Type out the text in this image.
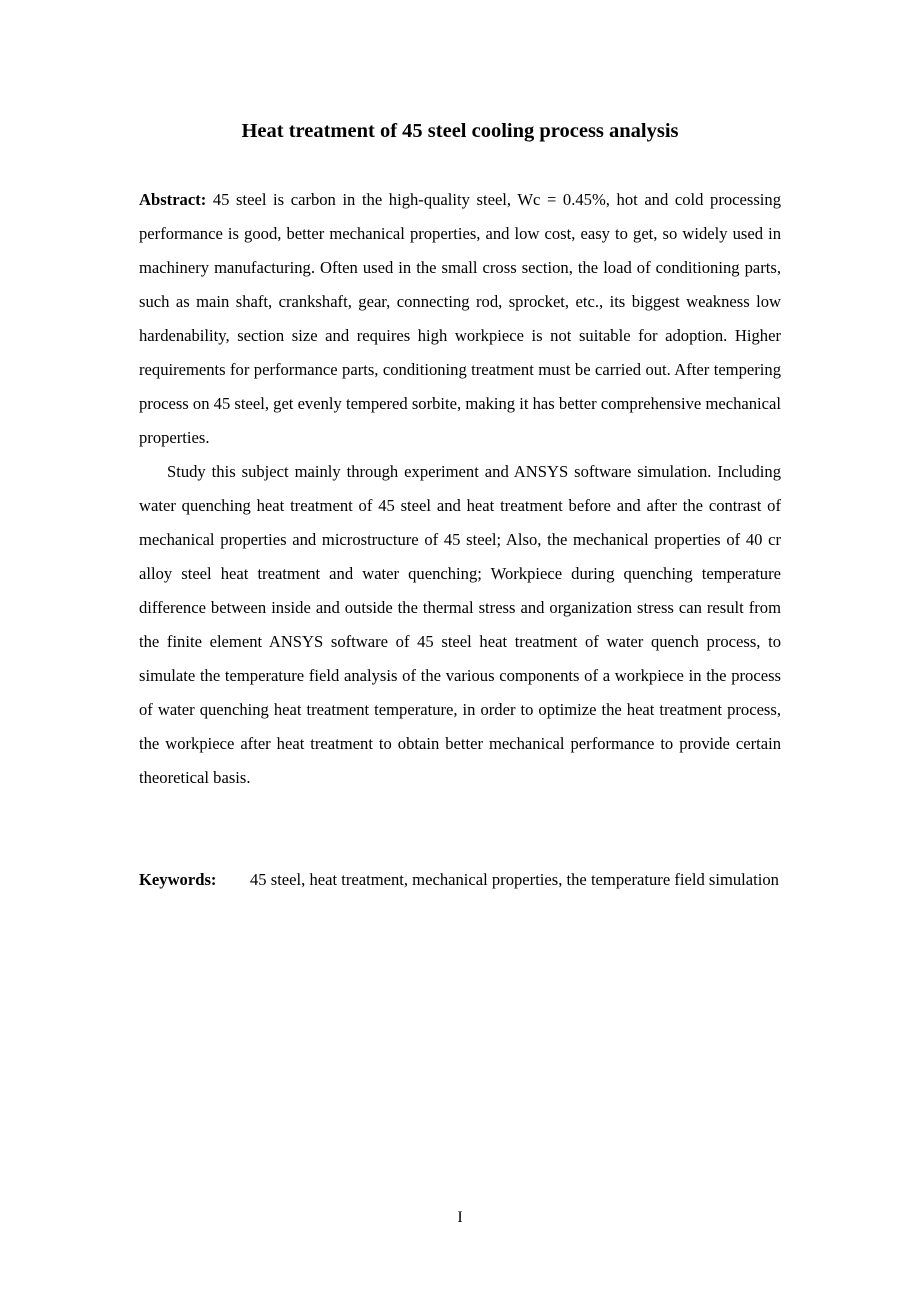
Heat treatment of 45 steel cooling process analysis

Abstract: 45 steel is carbon in the high-quality steel, Wc = 0.45%, hot and cold processing performance is good, better mechanical properties, and low cost, easy to get, so widely used in machinery manufacturing. Often used in the small cross section, the load of conditioning parts, such as main shaft, crankshaft, gear, connecting rod, sprocket, etc., its biggest weakness low hardenability, section size and requires high workpiece is not suitable for adoption. Higher requirements for performance parts, conditioning treatment must be carried out. After tempering process on 45 steel, get evenly tempered sorbite, making it has better comprehensive mechanical properties.

Study this subject mainly through experiment and ANSYS software simulation. Including water quenching heat treatment of 45 steel and heat treatment before and after the contrast of mechanical properties and microstructure of 45 steel; Also, the mechanical properties of 40 cr alloy steel heat treatment and water quenching; Workpiece during quenching temperature difference between inside and outside the thermal stress and organization stress can result from the finite element ANSYS software of 45 steel heat treatment of water quench process, to simulate the temperature field analysis of the various components of a workpiece in the process of water quenching heat treatment temperature, in order to optimize the heat treatment process, the workpiece after heat treatment to obtain better mechanical performance to provide certain theoretical basis.

Keywords:	45 steel, heat treatment, mechanical properties, the temperature field simulation
I
